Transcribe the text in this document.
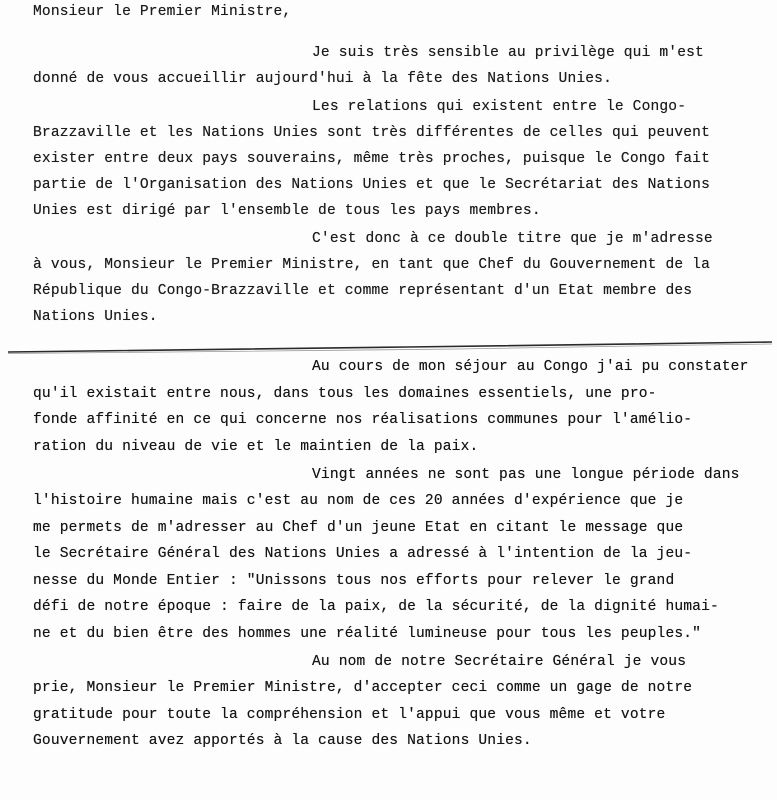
Monsieur le Premier Ministre,
Je suis très sensible au privilège qui m'est
donné de vous accueillir aujourd'hui à la fête des Nations Unies.
Les relations qui existent entre le Congo-
Brazzaville et les Nations Unies sont très différentes de celles qui peuvent
exister entre deux pays souverains, même très proches, puisque le Congo fait
partie de l'Organisation des Nations Unies et que le Secrétariat des Nations
Unies est dirigé par l'ensemble de tous les pays membres.
C'est donc à ce double titre que je m'adresse
à vous, Monsieur le Premier Ministre, en tant que Chef du Gouvernement de la
République du Congo-Brazzaville et comme représentant d'un Etat membre des
Nations Unies.
Au cours de mon séjour au Congo j'ai pu constater
qu'il existait entre nous, dans tous les domaines essentiels, une pro-
fonde affinité en ce qui concerne nos réalisations communes pour l'amélio-
ration du niveau de vie et le maintien de la paix.
Vingt années ne sont pas une longue période dans
l'histoire humaine mais c'est au nom de ces 20 années d'expérience que je
me permets de m'adresser au Chef d'un jeune Etat en citant le message que
le Secrétaire Général des Nations Unies a adressé à l'intention de la jeu-
nesse du Monde Entier : "Unissons tous nos efforts pour relever le grand
défi de notre époque : faire de la paix, de la sécurité, de la dignité humai-
ne et du bien être des hommes une réalité lumineuse pour tous les peuples."
Au nom de notre Secrétaire Général je vous
prie, Monsieur le Premier Ministre, d'accepter ceci comme un gage de notre
gratitude pour toute la compréhension et l'appui que vous même et votre
Gouvernement avez apportés à la cause des Nations Unies.
